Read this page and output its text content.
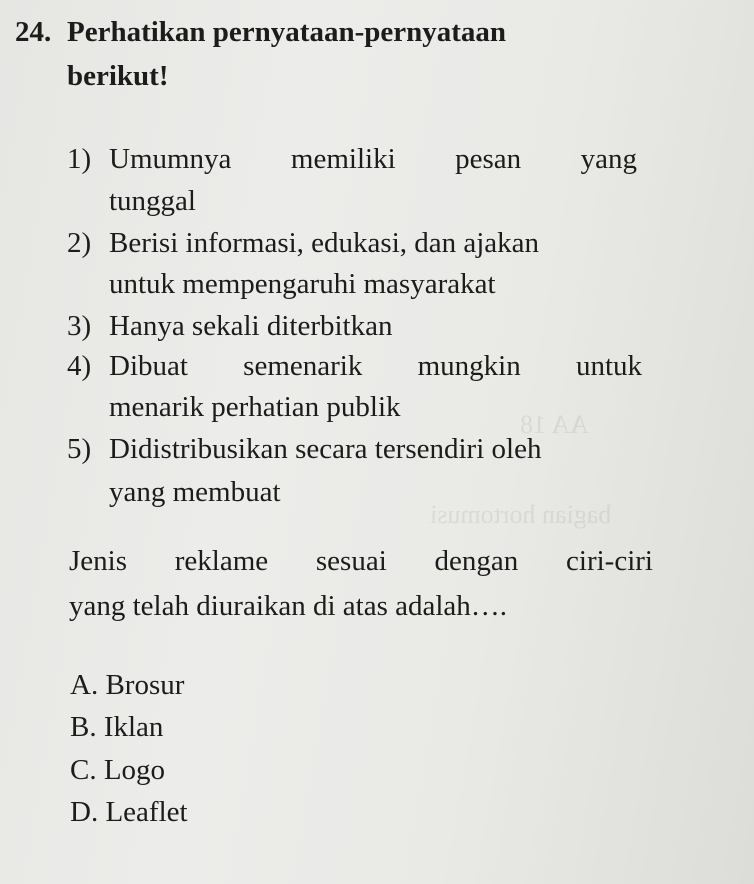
AA 18
bagian hortomusi
24. Perhatikan pernyataan-pernyataan
berikut!
1) Umumnya memiliki pesan yang
tunggal
2) Berisi informasi, edukasi, dan ajakan
untuk mempengaruhi masyarakat
3) Hanya sekali diterbitkan
4) Dibuat semenarik mungkin untuk
menarik perhatian publik
5) Didistribusikan secara tersendiri oleh
yang membuat
Jenis reklame sesuai dengan ciri-ciri
yang telah diuraikan di atas adalah….
A. Brosur
B. Iklan
C. Logo
D. Leaflet
